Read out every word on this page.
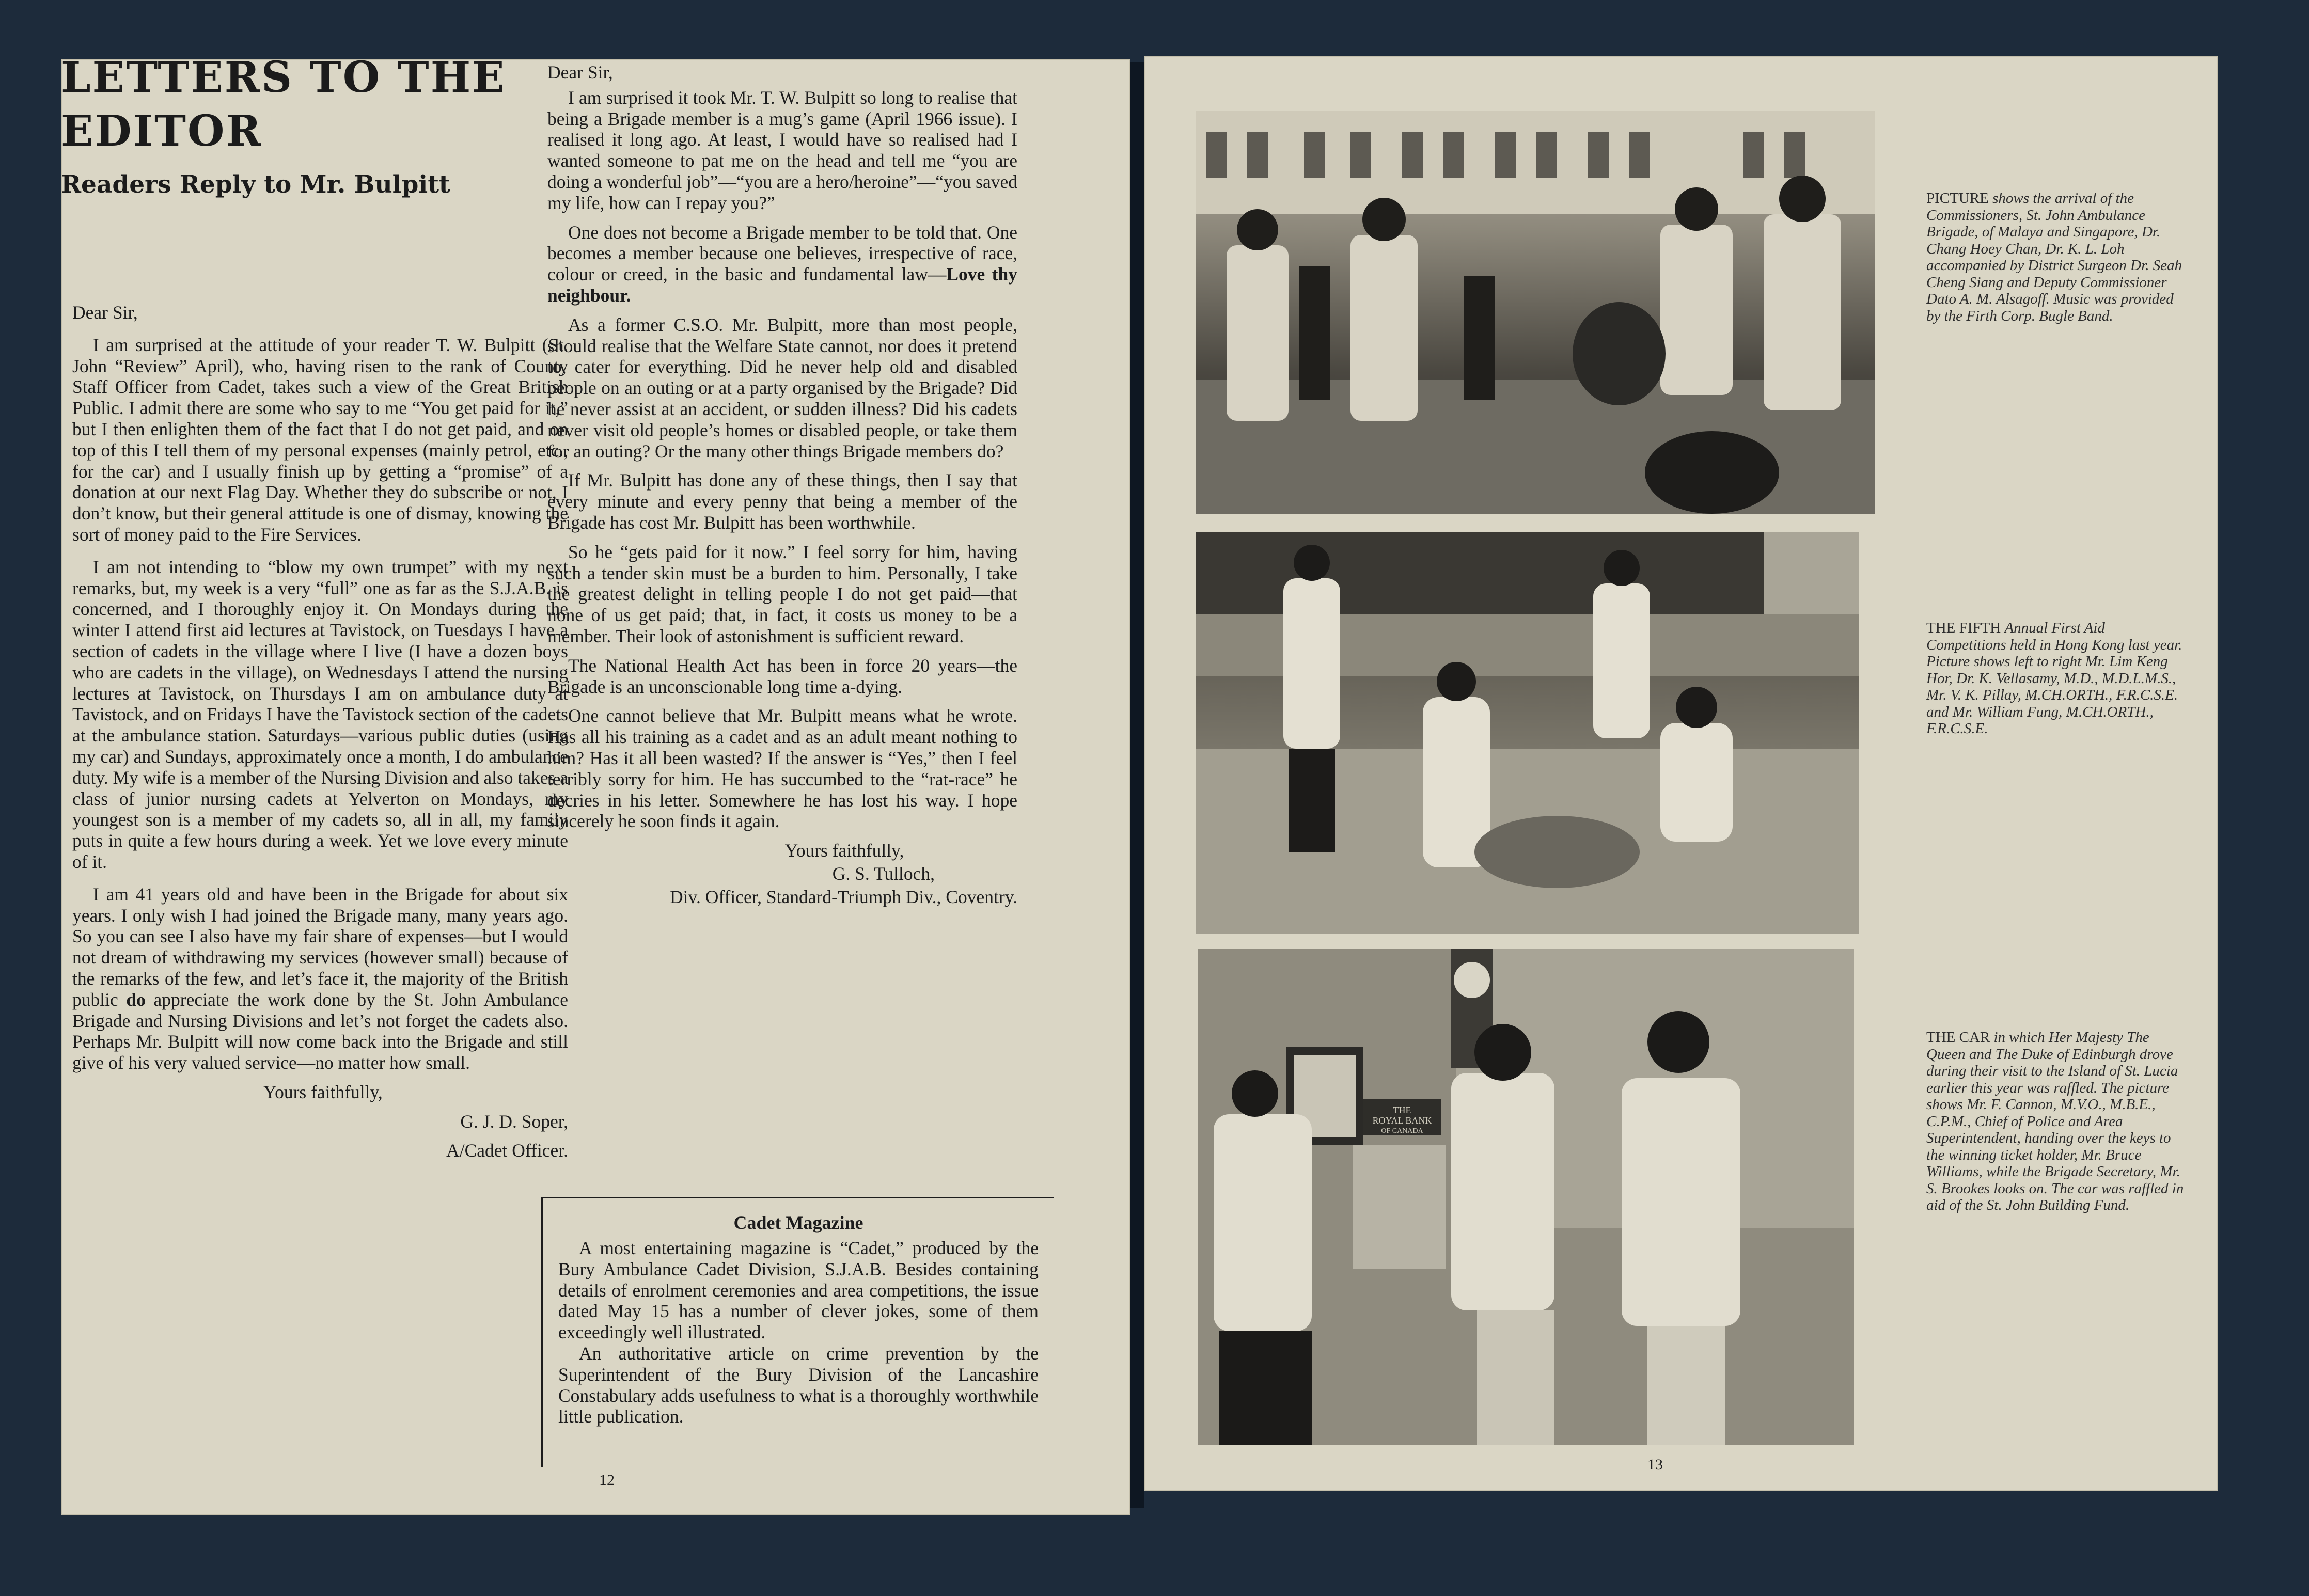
LETTERS TO THE
EDITOR
Readers Reply to Mr. Bulpitt

Dear Sir,

I am surprised at the attitude of your reader T. W. Bulpitt (St. John “Review” April), who, having risen to the rank of County Staff Officer from Cadet, takes such a view of the Great British Public. I admit there are some who say to me “You get paid for it,” but I then enlighten them of the fact that I do not get paid, and on top of this I tell them of my personal expenses (mainly petrol, etc., for the car) and I usually finish up by getting a “promise” of a donation at our next Flag Day. Whether they do subscribe or not, I don’t know, but their general attitude is one of dismay, knowing the sort of money paid to the Fire Services.

I am not intending to “blow my own trumpet” with my next remarks, but, my week is a very “full” one as far as the S.J.A.B. is concerned, and I thoroughly enjoy it. On Mondays during the winter I attend first aid lectures at Tavistock, on Tuesdays I have a section of cadets in the village where I live (I have a dozen boys who are cadets in the village), on Wednesdays I attend the nursing lectures at Tavistock, on Thursdays I am on ambulance duty at Tavistock, and on Fridays I have the Tavistock section of the cadets at the ambulance station. Saturdays—various public duties (using my car) and Sundays, approximately once a month, I do ambulance duty. My wife is a member of the Nursing Division and also takes a class of junior nursing cadets at Yelverton on Mondays, my youngest son is a member of my cadets so, all in all, my family puts in quite a few hours during a week. Yet we love every minute of it.

I am 41 years old and have been in the Brigade for about six years. I only wish I had joined the Brigade many, many years ago. So you can see I also have my fair share of expenses—but I would not dream of withdrawing my services (however small) because of the remarks of the few, and let’s face it, the majority of the British public do appreciate the work done by the St. John Ambulance Brigade and Nursing Divisions and let’s not forget the cadets also. Perhaps Mr. Bulpitt will now come back into the Brigade and still give of his very valued service—no matter how small.

Yours faithfully,

G. J. D. Soper,

A/Cadet Officer.

Dear Sir,

I am surprised it took Mr. T. W. Bulpitt so long to realise that being a Brigade member is a mug’s game (April 1966 issue). I realised it long ago. At least, I would have so realised had I wanted someone to pat me on the head and tell me “you are doing a wonderful job”—“you are a hero/heroine”—“you saved my life, how can I repay you?”

One does not become a Brigade member to be told that. One becomes a member because one believes, irrespective of race, colour or creed, in the basic and fundamental law—Love thy neighbour.

As a former C.S.O. Mr. Bulpitt, more than most people, should realise that the Welfare State cannot, nor does it pretend to, cater for everything. Did he never help old and disabled people on an outing or at a party organised by the Brigade? Did he never assist at an accident, or sudden illness? Did his cadets never visit old people’s homes or disabled people, or take them for an outing? Or the many other things Brigade members do?

If Mr. Bulpitt has done any of these things, then I say that every minute and every penny that being a member of the Brigade has cost Mr. Bulpitt has been worthwhile.

So he “gets paid for it now.” I feel sorry for him, having such a tender skin must be a burden to him. Personally, I take the greatest delight in telling people I do not get paid—that none of us get paid; that, in fact, it costs us money to be a member. Their look of astonishment is sufficient reward.

The National Health Act has been in force 20 years—the Brigade is an unconscionable long time a-dying.

One cannot believe that Mr. Bulpitt means what he wrote. Has all his training as a cadet and as an adult meant nothing to him? Has it all been wasted? If the answer is “Yes,” then I feel terribly sorry for him. He has succumbed to the “rat-race” he decries in his letter. Somewhere he has lost his way. I hope sincerely he soon finds it again.

Yours faithfully,

G. S. Tulloch,

Div. Officer, Standard-Triumph Div., Coventry.

Cadet Magazine

A most entertaining magazine is “Cadet,” produced by the Bury Ambulance Cadet Division, S.J.A.B. Besides containing details of enrolment ceremonies and area competitions, the issue dated May 15 has a number of clever jokes, some of them exceedingly well illustrated.

An authoritative article on crime prevention by the Superintendent of the Bury Division of the Lancashire Constabulary adds usefulness to what is a thoroughly worthwhile little publication.

12
PICTURE shows the arrival of the Commissioners, St. John Ambulance Brigade, of Malaya and Singapore, Dr. Chang Hoey Chan, Dr. K. L. Loh accompanied by District Surgeon Dr. Seah Cheng Siang and Deputy Commissioner Dato A. M. Alsagoff. Music was provided by the Firth Corp. Bugle Band.
THE FIFTH Annual First Aid Competitions held in Hong Kong last year. Picture shows left to right Mr. Lim Keng Hor, Dr. K. Vellasamy, M.D., M.D.L.M.S., Mr. V. K. Pillay, M.CH.ORTH., F.R.C.S.E. and Mr. William Fung, M.CH.ORTH., F.R.C.S.E.
THE
ROYAL BANK
OF CANADA
THE CAR in which Her Majesty The Queen and The Duke of Edinburgh drove during their visit to the Island of St. Lucia earlier this year was raffled. The picture shows Mr. F. Cannon, M.V.O., M.B.E., C.P.M., Chief of Police and Area Superintendent, handing over the keys to the winning ticket holder, Mr. Bruce Williams, while the Brigade Secretary, Mr. S. Brookes looks on. The car was raffled in aid of the St. John Building Fund.
13
